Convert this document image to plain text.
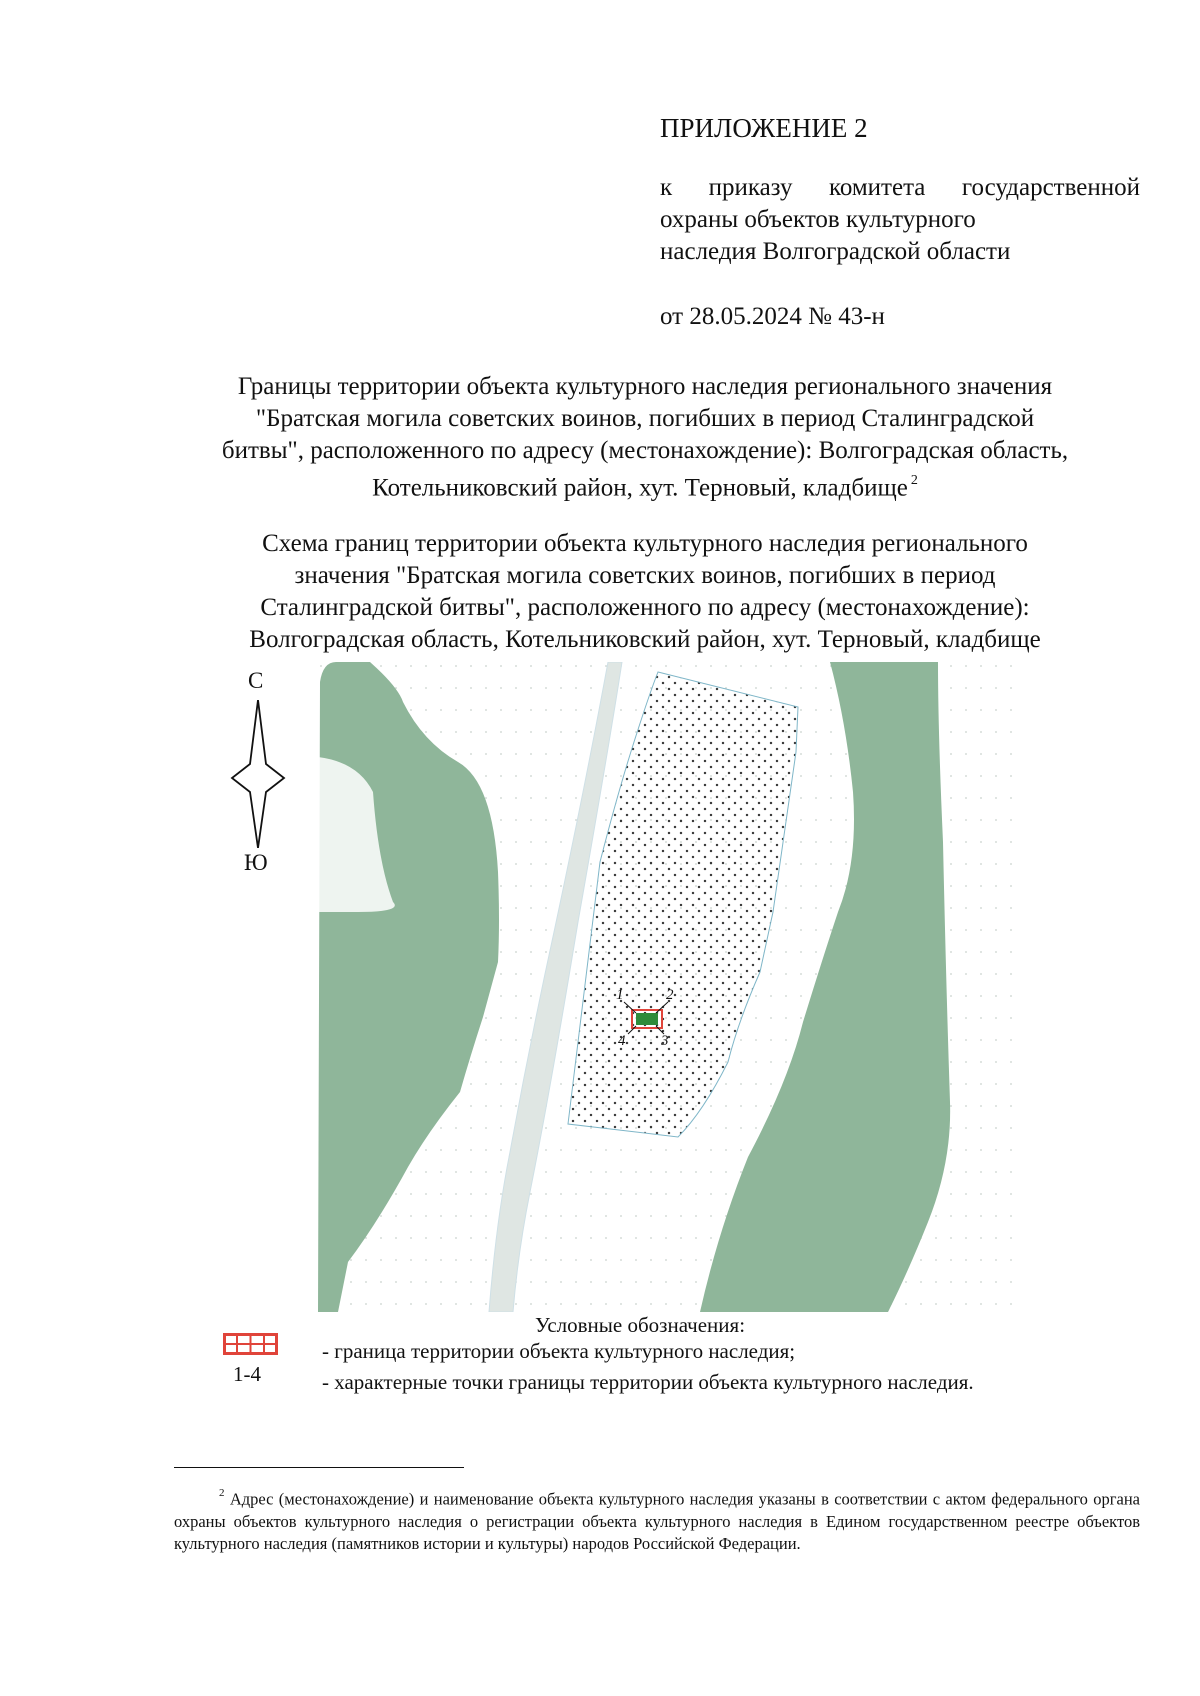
ПРИЛОЖЕНИЕ 2
к приказу комитета государственной
охраны объектов культурного
наследия Волгоградской области
от 28.05.2024 № 43-н
Границы территории объекта культурного наследия регионального значения
"Братская могила советских воинов, погибших в период Сталинградской
битвы", расположенного по адресу (местонахождение): Волгоградская область,
Котельниковский район, хут. Терновый, кладбище $^2$
Схема границ территории объекта культурного наследия регионального
значения "Братская могила советских воинов, погибших в период
Сталинградской битвы", расположенного по адресу (местонахождение):
Волгоградская область, Котельниковский район, хут. Терновый, кладбище
С
Ю
1	2
3
4
Условные обозначения:
1-4
- граница территории объекта культурного наследия;
- характерные точки границы территории объекта культурного наследия.
$^2$ Адрес (местонахождение) и наименование объекта культурного наследия указаны в соответствии с актом федерального органа охраны объектов культурного наследия о регистрации объекта культурного наследия в Едином государственном реестре объектов культурного наследия (памятников истории и культуры) народов Российской Федерации.
